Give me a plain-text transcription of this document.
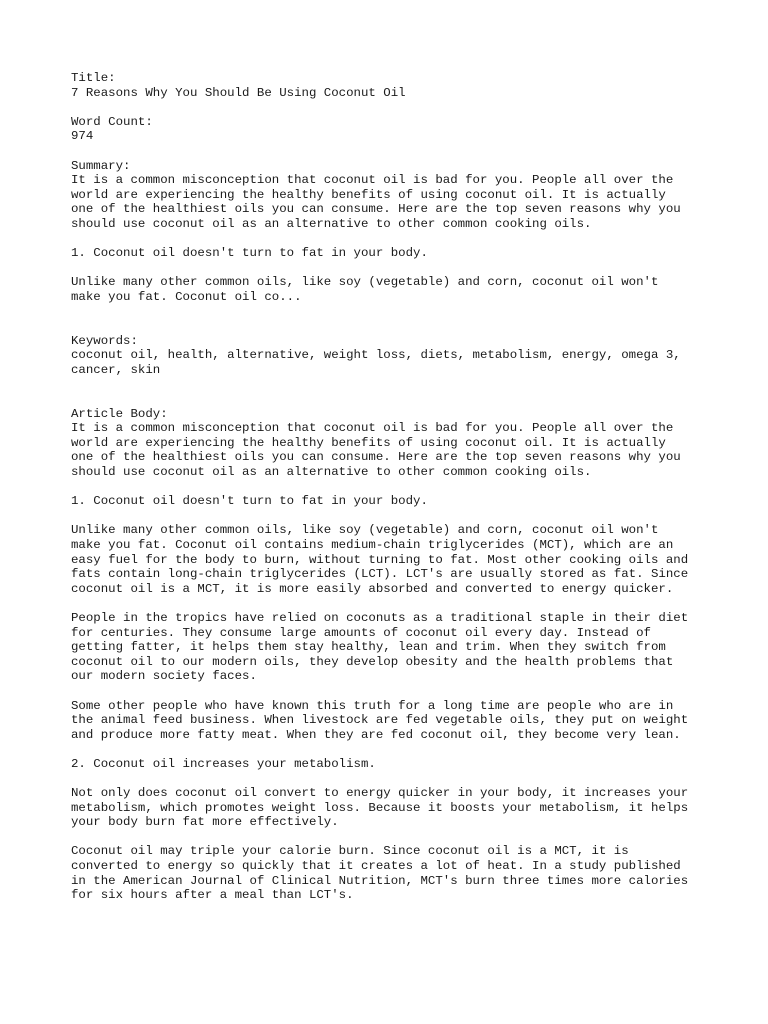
Title:
7 Reasons Why You Should Be Using Coconut Oil
Word Count:
974
Summary:
It is a common misconception that coconut oil is bad for you. People all over the
world are experiencing the healthy benefits of using coconut oil. It is actually
one of the healthiest oils you can consume. Here are the top seven reasons why you
should use coconut oil as an alternative to other common cooking oils.
1. Coconut oil doesn't turn to fat in your body.
Unlike many other common oils, like soy (vegetable) and corn, coconut oil won't
make you fat. Coconut oil co...
Keywords:
coconut oil, health, alternative, weight loss, diets, metabolism, energy, omega 3,
cancer, skin
Article Body:
It is a common misconception that coconut oil is bad for you. People all over the
world are experiencing the healthy benefits of using coconut oil. It is actually
one of the healthiest oils you can consume. Here are the top seven reasons why you
should use coconut oil as an alternative to other common cooking oils.
1. Coconut oil doesn't turn to fat in your body.
Unlike many other common oils, like soy (vegetable) and corn, coconut oil won't
make you fat. Coconut oil contains medium-chain triglycerides (MCT), which are an
easy fuel for the body to burn, without turning to fat. Most other cooking oils and
fats contain long-chain triglycerides (LCT). LCT's are usually stored as fat. Since
coconut oil is a MCT, it is more easily absorbed and converted to energy quicker.
People in the tropics have relied on coconuts as a traditional staple in their diet
for centuries. They consume large amounts of coconut oil every day. Instead of
getting fatter, it helps them stay healthy, lean and trim. When they switch from
coconut oil to our modern oils, they develop obesity and the health problems that
our modern society faces.
Some other people who have known this truth for a long time are people who are in
the animal feed business. When livestock are fed vegetable oils, they put on weight
and produce more fatty meat. When they are fed coconut oil, they become very lean.
2. Coconut oil increases your metabolism.
Not only does coconut oil convert to energy quicker in your body, it increases your
metabolism, which promotes weight loss. Because it boosts your metabolism, it helps
your body burn fat more effectively.
Coconut oil may triple your calorie burn. Since coconut oil is a MCT, it is
converted to energy so quickly that it creates a lot of heat. In a study published
in the American Journal of Clinical Nutrition, MCT's burn three times more calories
for six hours after a meal than LCT's.
